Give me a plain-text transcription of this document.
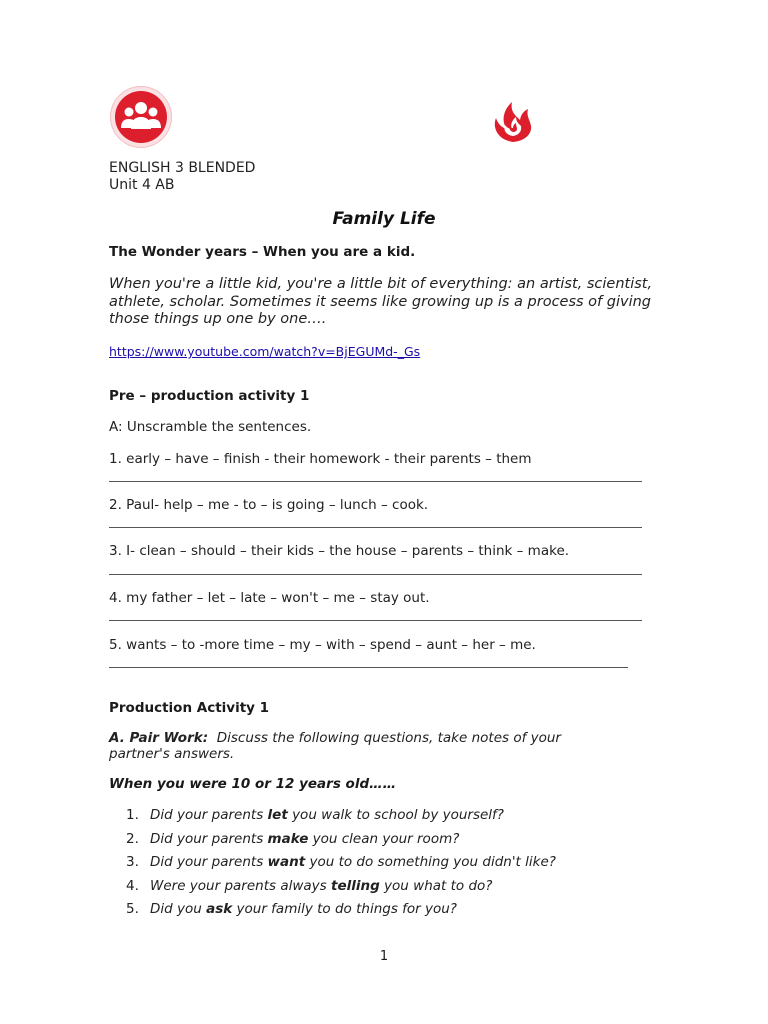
ENGLISH 3 BLENDED
Unit 4 AB
Family Life
The Wonder years – When you are a kid.
When you're a little kid, you're a little bit of everything: an artist, scientist, athlete, scholar. Sometimes it seems like growing up is a process of giving those things up one by one….
https://www.youtube.com/watch?v=BjEGUMd-_Gs
Pre – production activity 1
A: Unscramble the sentences.
1. early – have – finish - their homework - their parents – them
2. Paul- help – me - to – is going – lunch – cook.
3. I- clean – should – their kids – the house – parents – think – make.
4. my father – let – late – won't – me – stay out.
5. wants – to -more time – my – with – spend – aunt – her – me.
Production Activity 1
A. Pair Work: Discuss the following questions, take notes of your partner's answers.
When you were 10 or 12 years old……
1. Did your parents let you walk to school by yourself?
2. Did your parents make you clean your room?
3. Did your parents want you to do something you didn't like?
4. Were your parents always telling you what to do?
5. Did you ask your family to do things for you?
1
